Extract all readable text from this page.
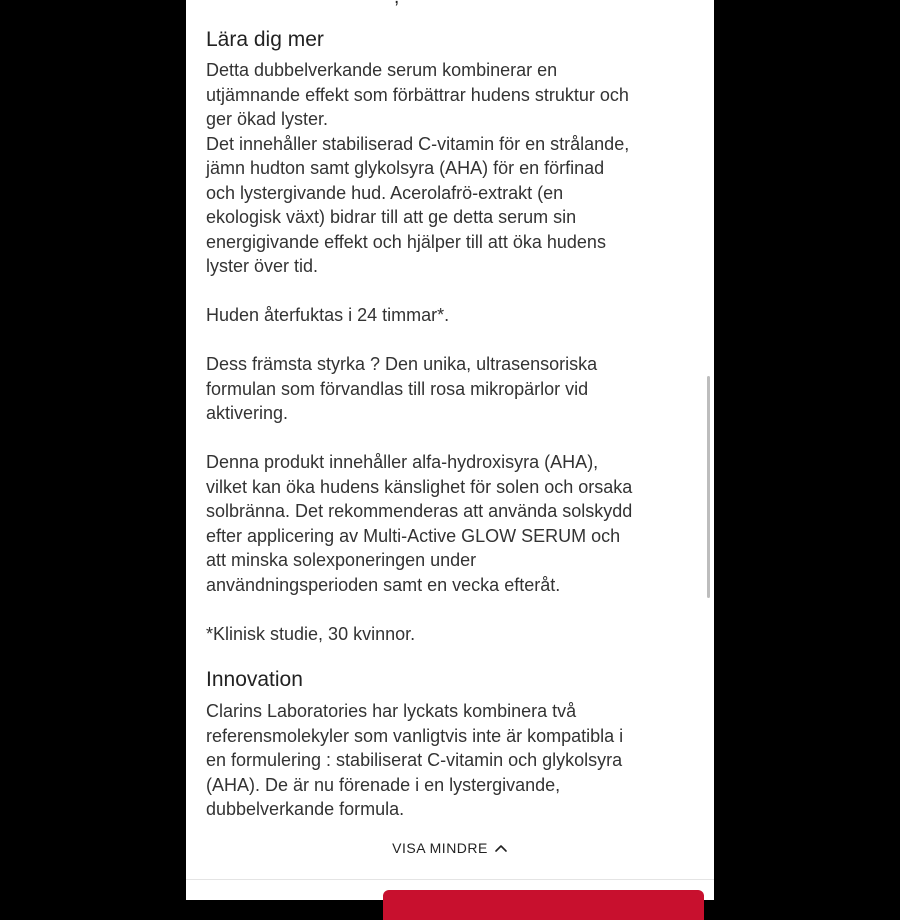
Lära dig mer

Detta dubbelverkande serum kombinerar en
utjämnande effekt som förbättrar hudens struktur och
ger ökad lyster.
Det innehåller stabiliserad C-vitamin för en strålande,
jämn hudton samt glykolsyra (AHA) för en förfinad
och lystergivande hud. Acerolafrö-extrakt (en
ekologisk växt) bidrar till att ge detta serum sin
energigivande effekt och hjälper till att öka hudens
lyster över tid.

Huden återfuktas i 24 timmar*.

Dess främsta styrka ? Den unika, ultrasensoriska
formulan som förvandlas till rosa mikropärlor vid
aktivering.

Denna produkt innehåller alfa-hydroxisyra (AHA),
vilket kan öka hudens känslighet för solen och orsaka
solbränna. Det rekommenderas att använda solskydd
efter applicering av Multi-Active GLOW SERUM och
att minska solexponeringen under
användningsperioden samt en vecka efteråt.

*Klinisk studie, 30 kvinnor.

Innovation

Clarins Laboratories har lyckats kombinera två
referensmolekyler som vanligtvis inte är kompatibla i
en formulering : stabiliserat C-vitamin och glykolsyra
(AHA). De är nu förenade i en lystergivande,
dubbelverkande formula.

VISA MINDRE
